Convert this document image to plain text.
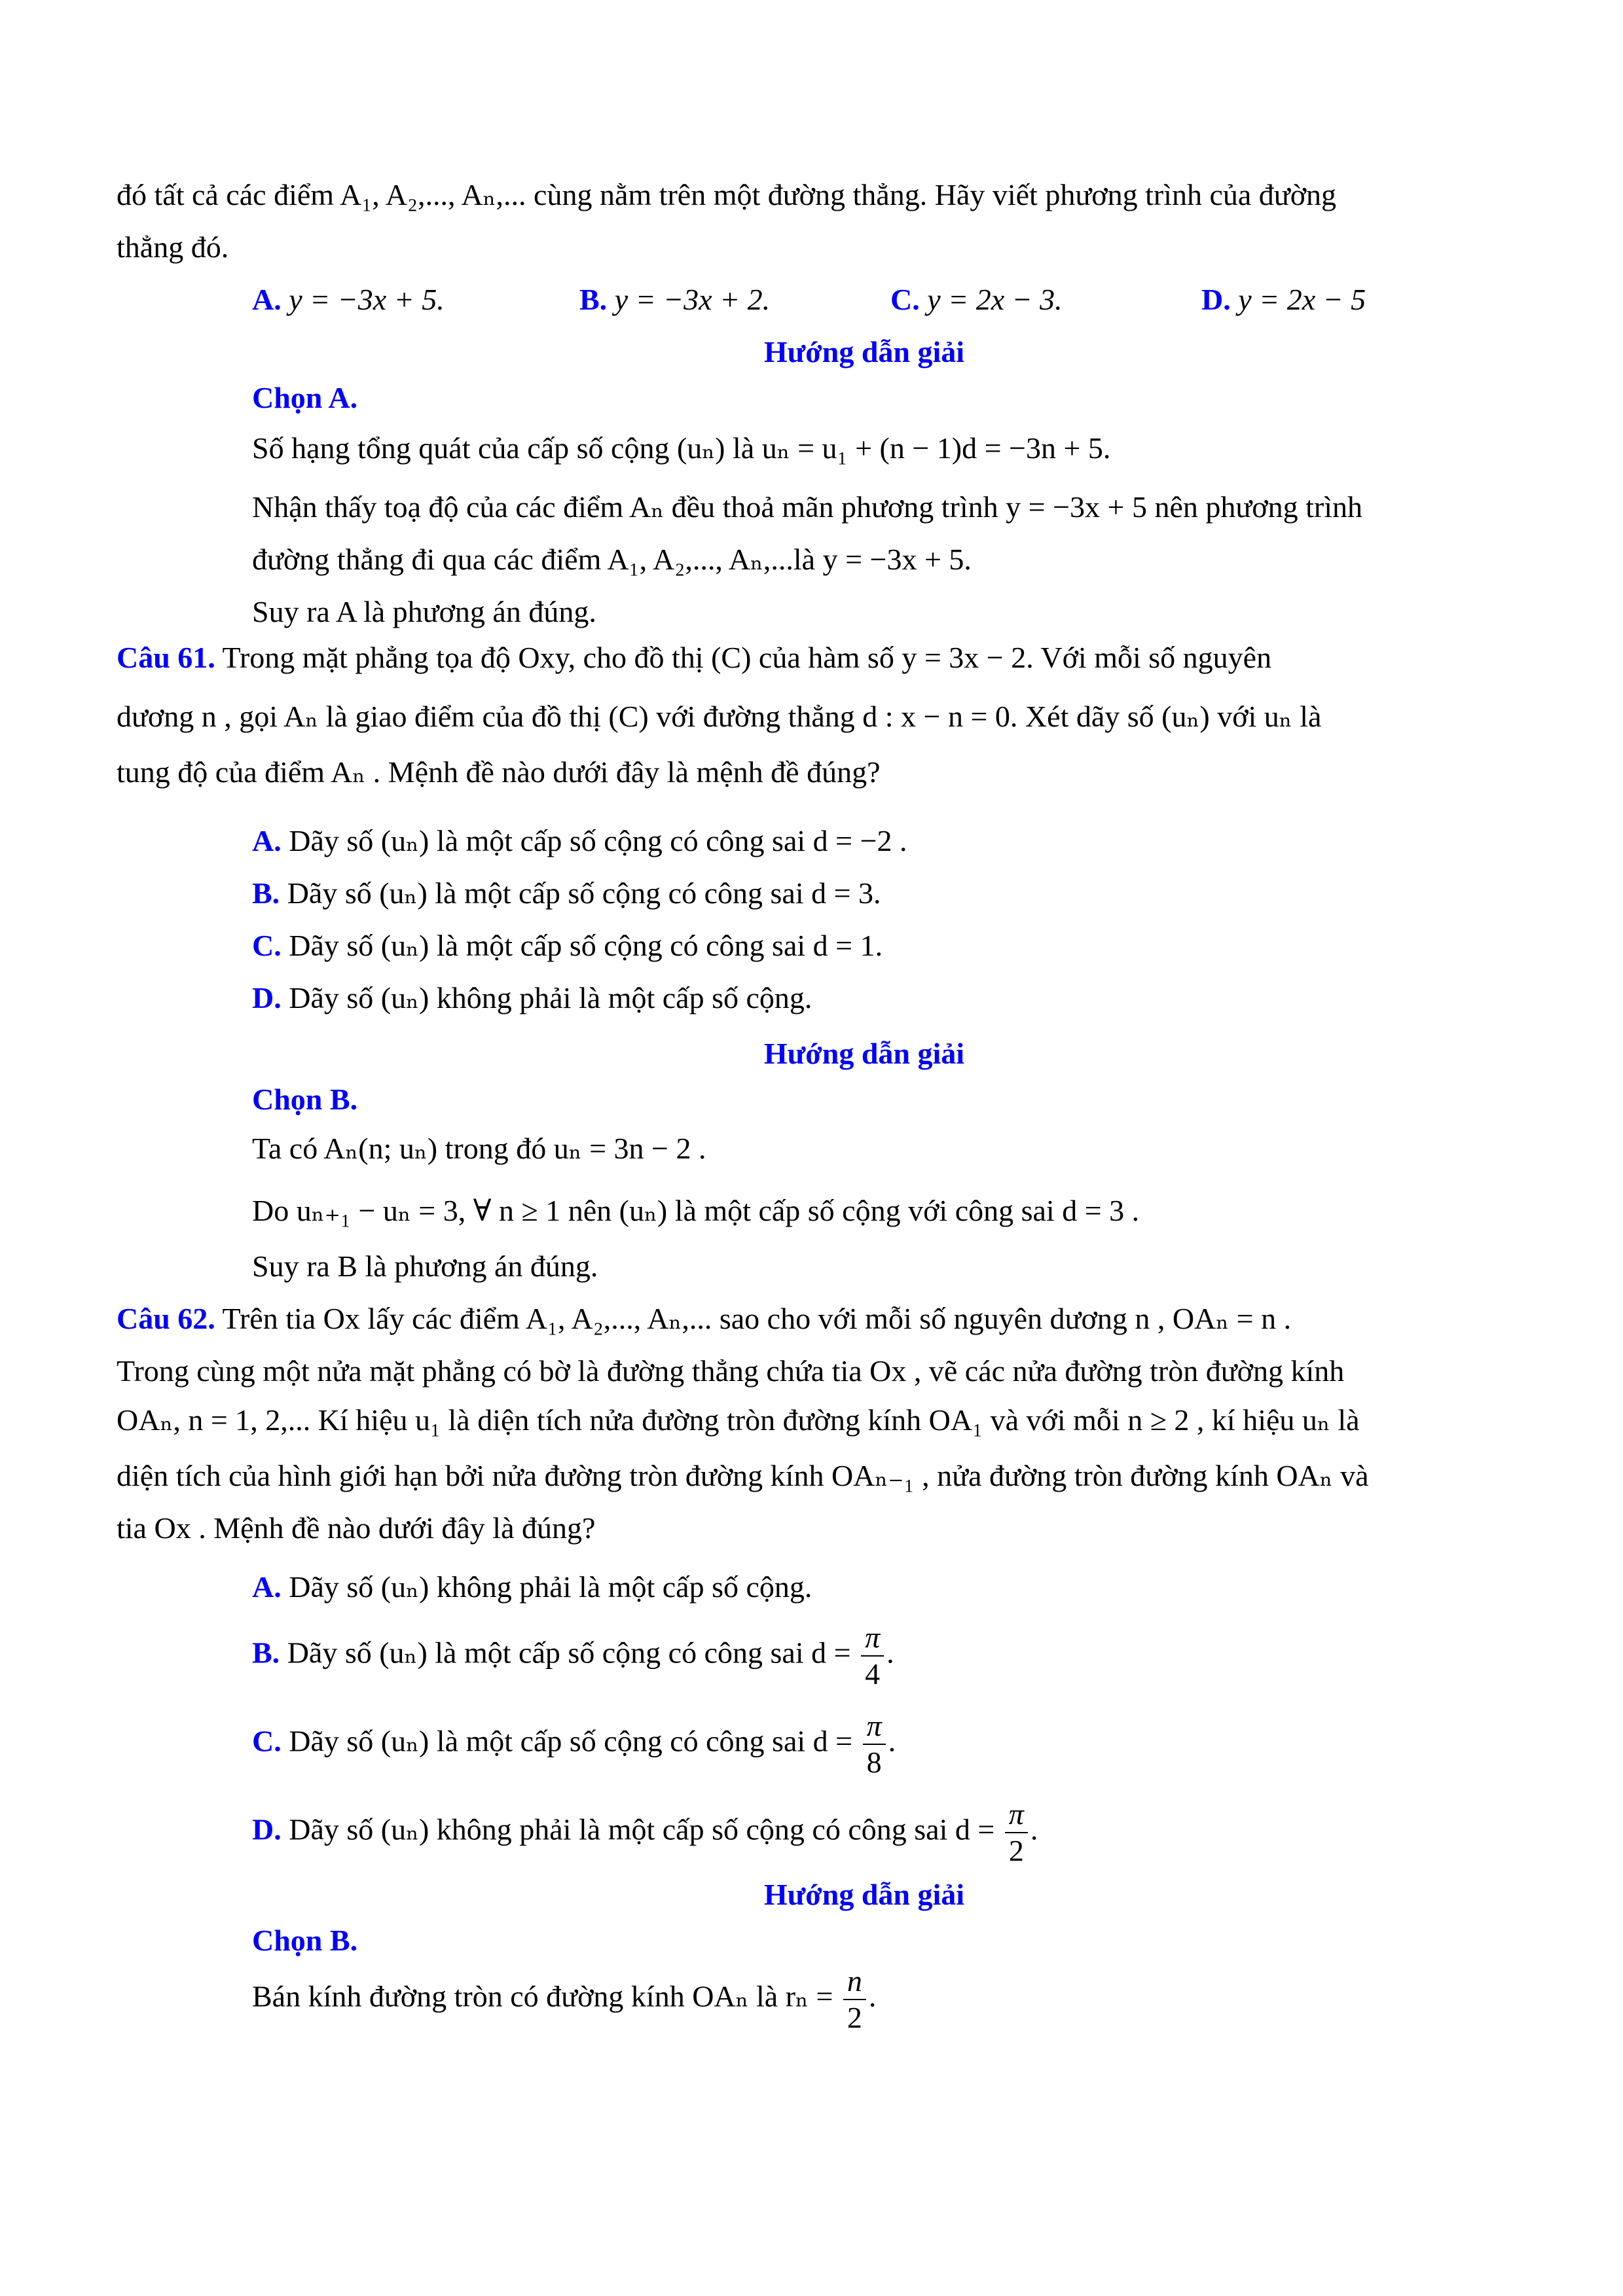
đó tất cả các điểm A₁, A₂,..., Aₙ,... cùng nằm trên một đường thẳng. Hãy viết phương trình của đường
thẳng đó.
A. y = −3x + 5.	B. y = −3x + 2.	C. y = 2x − 3.	D. y = 2x − 5
Hướng dẫn giải
Chọn A.
Số hạng tổng quát của cấp số cộng (uₙ) là uₙ = u₁ + (n − 1)d = −3n + 5.
Nhận thấy toạ độ của các điểm Aₙ đều thoả mãn phương trình y = −3x + 5 nên phương trình
đường thẳng đi qua các điểm A₁, A₂,..., Aₙ,...là y = −3x + 5.
Suy ra A là phương án đúng.
Câu 61. Trong mặt phẳng tọa độ Oxy, cho đồ thị (C) của hàm số y = 3x − 2. Với mỗi số nguyên
dương n , gọi Aₙ là giao điểm của đồ thị (C) với đường thẳng d : x − n = 0. Xét dãy số (uₙ) với uₙ là
tung độ của điểm Aₙ . Mệnh đề nào dưới đây là mệnh đề đúng?
A. Dãy số (uₙ) là một cấp số cộng có công sai d = −2 .
B. Dãy số (uₙ) là một cấp số cộng có công sai d = 3.
C. Dãy số (uₙ) là một cấp số cộng có công sai d = 1.
D. Dãy số (uₙ) không phải là một cấp số cộng.
Hướng dẫn giải
Chọn B.
Ta có Aₙ(n; uₙ) trong đó uₙ = 3n − 2 .
Do uₙ₊₁ − uₙ = 3, ∀ n ≥ 1 nên (uₙ) là một cấp số cộng với công sai d = 3 .
Suy ra B là phương án đúng.
Câu 62. Trên tia Ox lấy các điểm A₁, A₂,..., Aₙ,... sao cho với mỗi số nguyên dương n , OAₙ = n .
Trong cùng một nửa mặt phẳng có bờ là đường thẳng chứa tia Ox , vẽ các nửa đường tròn đường kính
OAₙ, n = 1, 2,... Kí hiệu u₁ là diện tích nửa đường tròn đường kính OA₁ và với mỗi n ≥ 2 , kí hiệu uₙ là
diện tích của hình giới hạn bởi nửa đường tròn đường kính OAₙ₋₁ , nửa đường tròn đường kính OAₙ và
tia Ox . Mệnh đề nào dưới đây là đúng?
A. Dãy số (uₙ) không phải là một cấp số cộng.
B. Dãy số (uₙ) là một cấp số cộng có công sai $d = \frac{\pi}{4}$ .
C. Dãy số (uₙ) là một cấp số cộng có công sai $d = \frac{\pi}{8}$ .
D. Dãy số (uₙ) không phải là một cấp số cộng có công sai $d = \frac{\pi}{2}$ .
Hướng dẫn giải
Chọn B.
Bán kính đường tròn có đường kính OAₙ là $r_n = \frac{n}{2}$ .
